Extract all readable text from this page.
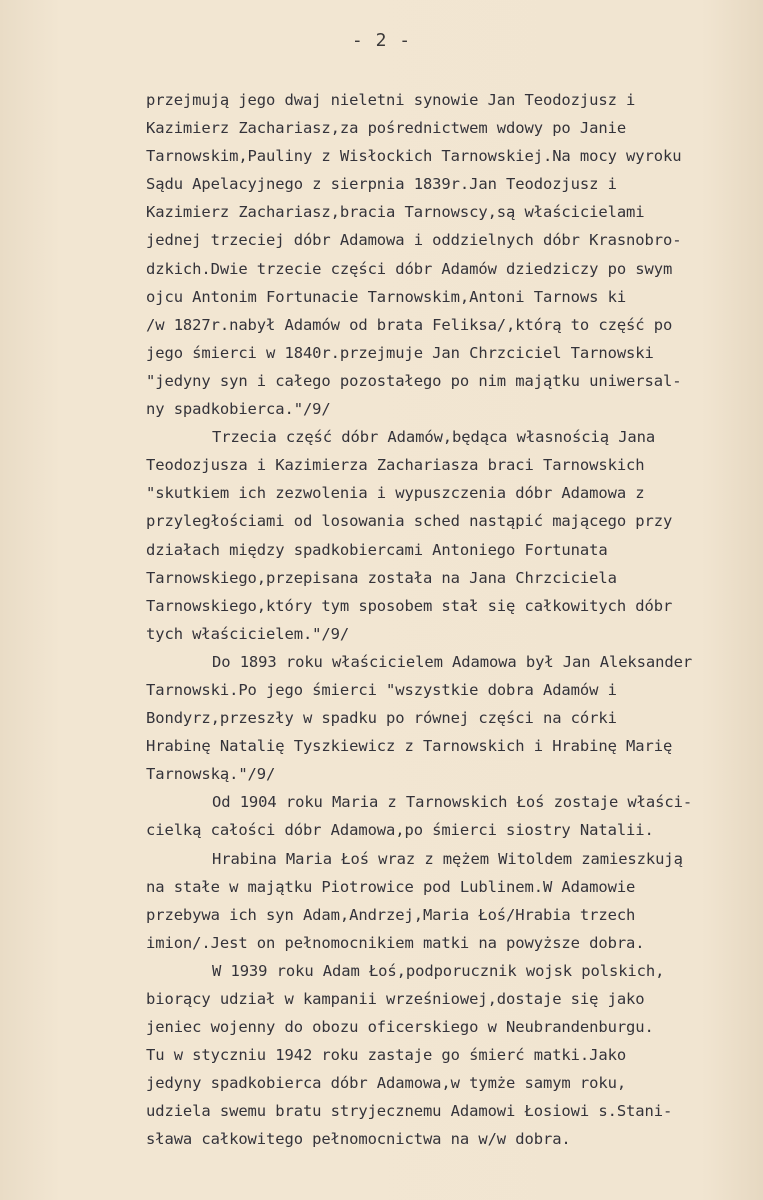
- 2 -
przejmują jego dwaj nieletni synowie Jan Teodozjusz i
Kazimierz Zachariasz,za pośrednictwem wdowy po Janie
Tarnowskim,Pauliny z Wisłockich Tarnowskiej.Na mocy wyroku
Sądu Apelacyjnego z sierpnia 1839r.Jan Teodozjusz i
Kazimierz Zachariasz,bracia Tarnowscy,są właścicielami
jednej trzeciej dóbr Adamowa i oddzielnych dóbr Krasnobro-
dzkich.Dwie trzecie części dóbr Adamów dziedziczy po swym
ojcu Antonim Fortunacie Tarnowskim,Antoni Tarnows ki
/w 1827r.nabył Adamów od brata Feliksa/,którą to część po
jego śmierci w 1840r.przejmuje Jan Chrzciciel Tarnowski
"jedyny syn i całego pozostałego po nim majątku uniwersal-
ny spadkobierca."/9/
Trzecia część dóbr Adamów,będąca własnością Jana
Teodozjusza i Kazimierza Zachariasza braci Tarnowskich
"skutkiem ich zezwolenia i wypuszczenia dóbr Adamowa z
przyległościami od losowania sched nastąpić mającego przy
działach między spadkobiercami Antoniego Fortunata
Tarnowskiego,przepisana została na Jana Chrzciciela
Tarnowskiego,który tym sposobem stał się całkowitych dóbr
tych właścicielem."/9/
Do 1893 roku właścicielem Adamowa był Jan Aleksander
Tarnowski.Po jego śmierci "wszystkie dobra Adamów i
Bondyrz,przeszły w spadku po równej części na córki
Hrabinę Natalię Tyszkiewicz z Tarnowskich i Hrabinę Marię
Tarnowską."/9/
Od 1904 roku Maria z Tarnowskich Łoś zostaje właści-
cielką całości dóbr Adamowa,po śmierci siostry Natalii.
Hrabina Maria Łoś wraz z mężem Witoldem zamieszkują
na stałe w majątku Piotrowice pod Lublinem.W Adamowie
przebywa ich syn Adam,Andrzej,Maria Łoś/Hrabia trzech
imion/.Jest on pełnomocnikiem matki na powyższe dobra.
W 1939 roku Adam Łoś,podporucznik wojsk polskich,
biorący udział w kampanii wrześniowej,dostaje się jako
jeniec wojenny do obozu oficerskiego w Neubrandenburgu.
Tu w styczniu 1942 roku zastaje go śmierć matki.Jako
jedyny spadkobierca dóbr Adamowa,w tymże samym roku,
udziela swemu bratu stryjecznemu Adamowi Łosiowi s.Stani-
sława całkowitego pełnomocnictwa na w/w dobra.
